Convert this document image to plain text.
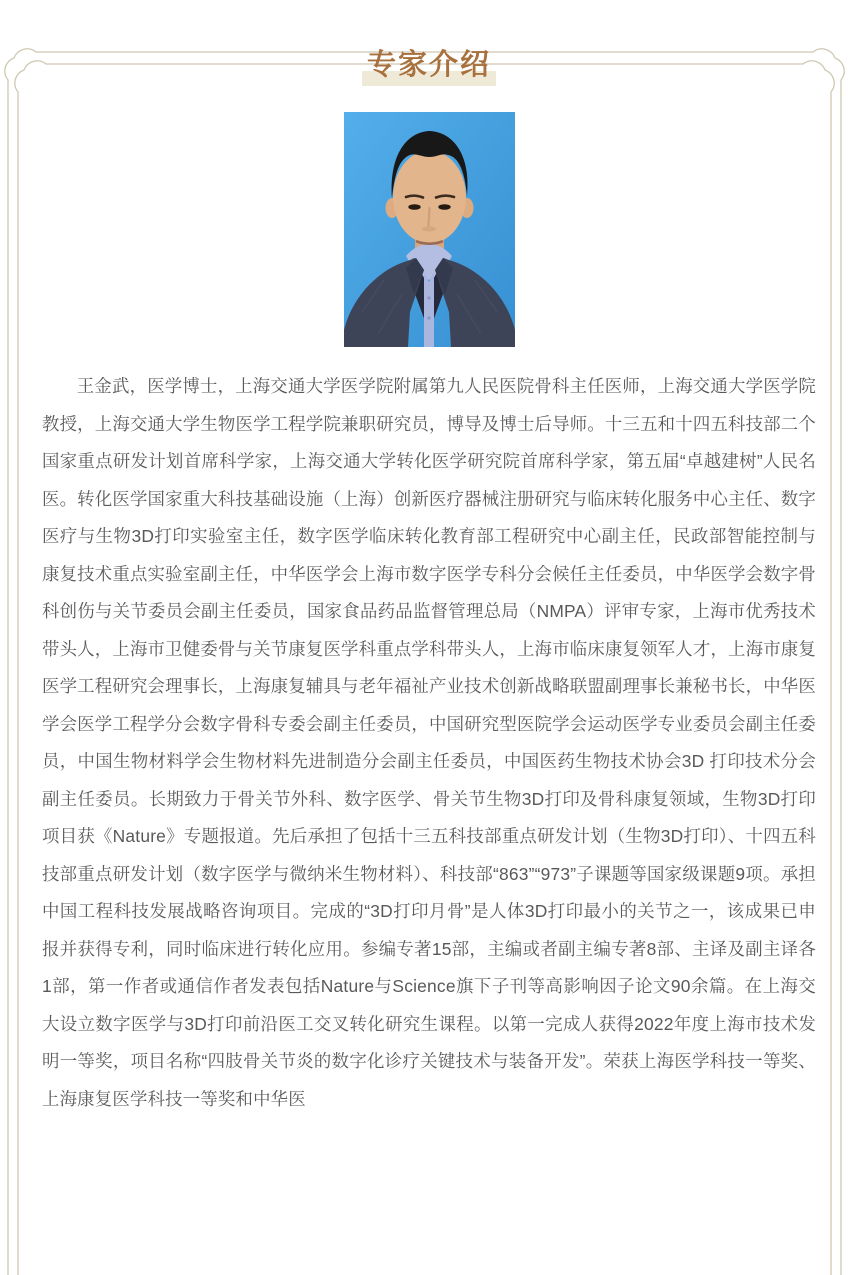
专家介绍

王金武，医学博士，上海交通大学医学院附属第九人民医院骨科主任医师，上海交通大学医学院教授，上海交通大学生物医学工程学院兼职研究员，博导及博士后导师。十三五和十四五科技部二个国家重点研发计划首席科学家，上海交通大学转化医学研究院首席科学家，第五届“卓越建树”人民名医。转化医学国家重大科技基础设施（上海）创新医疗器械注册研究与临床转化服务中心主任、数字医疗与生物3D打印实验室主任，数字医学临床转化教育部工程研究中心副主任，民政部智能控制与康复技术重点实验室副主任，中华医学会上海市数字医学专科分会候任主任委员，中华医学会数字骨科创伤与关节委员会副主任委员，国家食品药品监督管理总局（NMPA）评审专家，上海市优秀技术带头人，上海市卫健委骨与关节康复医学科重点学科带头人，上海市临床康复领军人才，上海市康复医学工程研究会理事长，上海康复辅具与老年福祉产业技术创新战略联盟副理事长兼秘书长，中华医学会医学工程学分会数字骨科专委会副主任委员，中国研究型医院学会运动医学专业委员会副主任委员，中国生物材料学会生物材料先进制造分会副主任委员，中国医药生物技术协会3D 打印技术分会副主任委员。长期致力于骨关节外科、数字医学、骨关节生物3D打印及骨科康复领域，生物3D打印项目获《Nature》专题报道。先后承担了包括十三五科技部重点研发计划（生物3D打印）、十四五科技部重点研发计划（数字医学与微纳米生物材料）、科技部“863”“973”子课题等国家级课题9项。承担中国工程科技发展战略咨询项目。完成的“3D打印月骨”是人体3D打印最小的关节之一，该成果已申报并获得专利，同时临床进行转化应用。参编专著15部，主编或者副主编专著8部、主译及副主译各1部，第一作者或通信作者发表包括Nature与Science旗下子刊等高影响因子论文90余篇。在上海交大设立数字医学与3D打印前沿医工交叉转化研究生课程。以第一完成人获得2022年度上海市技术发明一等奖，项目名称“四肢骨关节炎的数字化诊疗关键技术与装备开发”。荣获上海医学科技一等奖、上海康复医学科技一等奖和中华医
